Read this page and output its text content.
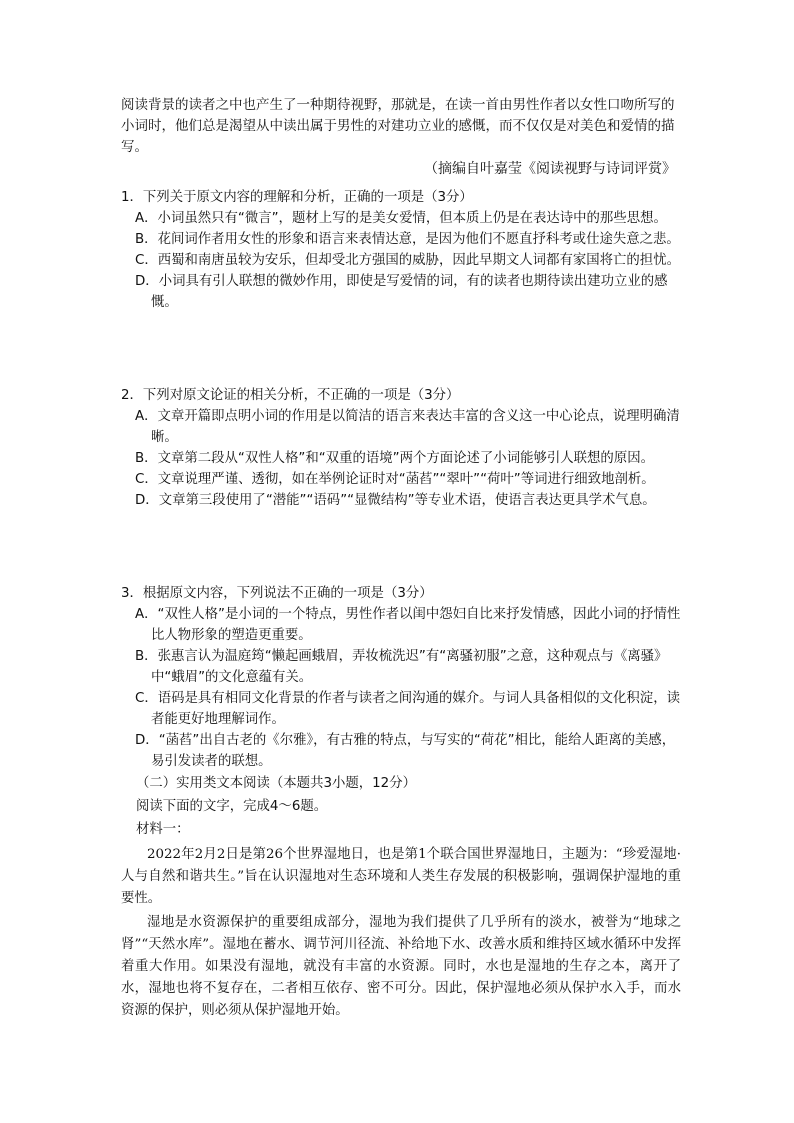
阅读背景的读者之中也产生了一种期待视野，那就是，在读一首由男性作者以女性口吻所写的小词时，他们总是渴望从中读出属于男性的对建功立业的感慨，而不仅仅是对美色和爱情的描写。
（摘编自叶嘉莹《阅读视野与诗词评赏》
1．下列关于原文内容的理解和分析，正确的一项是（3分）
A．小词虽然只有“微言”，题材上写的是美女爱情，但本质上仍是在表达诗中的那些思想。
B．花间词作者用女性的形象和语言来表情达意，是因为他们不愿直抒科考或仕途失意之悲。
C．西蜀和南唐虽较为安乐，但却受北方强国的威胁，因此早期文人词都有家国将亡的担忧。
D．小词具有引人联想的微妙作用，即使是写爱情的词，有的读者也期待读出建功立业的感慨。
2．下列对原文论证的相关分析，不正确的一项是（3分）
A．文章开篇即点明小词的作用是以简洁的语言来表达丰富的含义这一中心论点，说理明确清晰。
B．文章第二段从“双性人格”和“双重的语境”两个方面论述了小词能够引人联想的原因。
C．文章说理严谨、透彻，如在举例论证时对“菡萏”“翠叶”“荷叶”等词进行细致地剖析。
D．文章第三段使用了“潜能”“语码”“显微结构”等专业术语，使语言表达更具学术气息。
3．根据原文内容，下列说法不正确的一项是（3分）
A．“双性人格”是小词的一个特点，男性作者以闺中怨妇自比来抒发情感，因此小词的抒情性比人物形象的塑造更重要。
B．张惠言认为温庭筠“懒起画蛾眉，弄妆梳洗迟”有“离骚初服”之意，这种观点与《离骚》中“蛾眉”的文化意蕴有关。
C．语码是具有相同文化背景的作者与读者之间沟通的媒介。与词人具备相似的文化积淀，读者能更好地理解词作。
D．“菡萏”出自古老的《尔雅》，有古雅的特点，与写实的“荷花”相比，能给人距离的美感，易引发读者的联想。
（二）实用类文本阅读（本题共3小题，12分）
阅读下面的文字，完成4～6题。
材料一：
2022年2月2日是第26个世界湿地日，也是第1个联合国世界湿地日，主题为：“珍爱湿地·人与自然和谐共生。”旨在认识湿地对生态环境和人类生存发展的积极影响，强调保护湿地的重要性。
湿地是水资源保护的重要组成部分，湿地为我们提供了几乎所有的淡水，被誉为“地球之肾”“天然水库”。湿地在蓄水、调节河川径流、补给地下水、改善水质和维持区域水循环中发挥着重大作用。如果没有湿地，就没有丰富的水资源。同时，水也是湿地的生存之本，离开了水，湿地也将不复存在，二者相互依存、密不可分。因此，保护湿地必须从保护水入手，而水资源的保护，则必须从保护湿地开始。
